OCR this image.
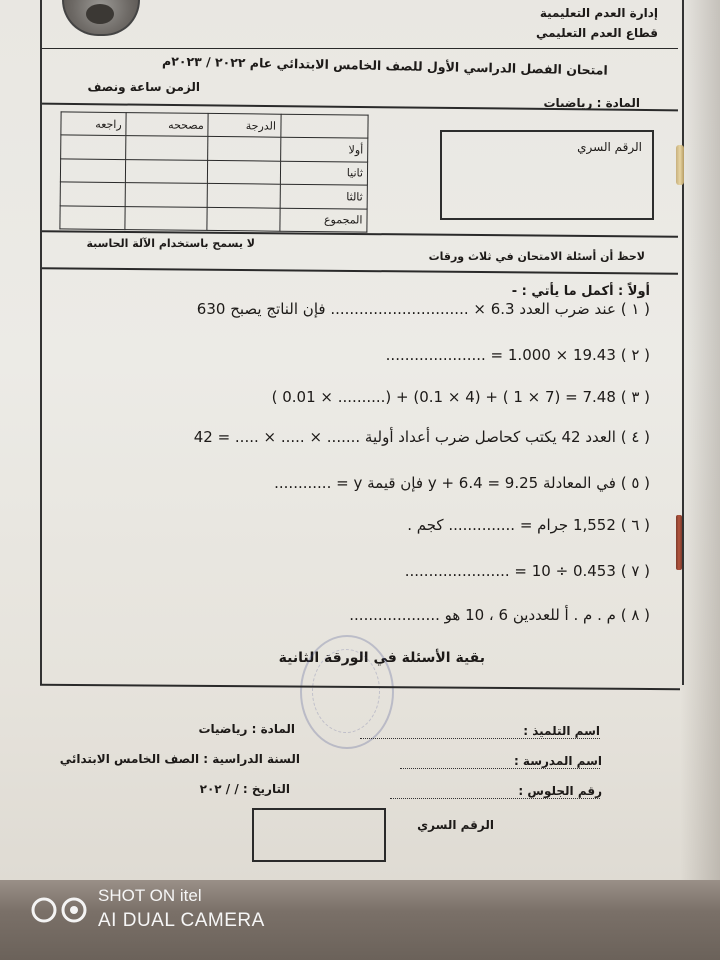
إدارة العدم التعليمية
قطاع العدم التعليمي
امتحان الفصل الدراسي الأول للصف الخامس الابتدائي عام ٢٠٢٢ / ٢٠٢٣م
الزمن ساعة ونصف
المادة : رياضيات
	الدرجة	مصححه	راجعه
أولا			
ثانيا			
ثالثا			
المجموع			
الرقم السري
لا يسمح باستخدام الآلة الحاسبة
لاحظ أن أسئلة الامتحان في ثلاث ورقات
أولاً : أكمل ما يأتي : -
( ١ ) عند ضرب العدد 6.3 × ............................. فإن الناتج يصبح 630
( ٢ ) 19.43 × 1.000 = .....................
( ٣ ) 7.48 = (7 × 1 ) + (4 × 0.1) + (.......... × 0.01 )
( ٤ ) العدد 42 يكتب كحاصل ضرب أعداد أولية ....... × ..... × ..... = 42
( ٥ ) في المعادلة 9.25 = y + 6.4 فإن قيمة y = ............
( ٦ ) 1,552 جرام = .............. كجم .
( ٧ ) 0.453 ÷ 10 = ......................
( ٨ ) م . م . أ للعددين 6 ، 10 هو ...................
بقية الأسئلة في الورقة الثانية
اسم التلميذ :
اسم المدرسة :
رقم الجلوس :
المادة : رياضيات
السنة الدراسية : الصف الخامس الابتدائي
التاريخ : / / ٢٠٢
الرقم السري
SHOT ON itel
AI DUAL CAMERA
